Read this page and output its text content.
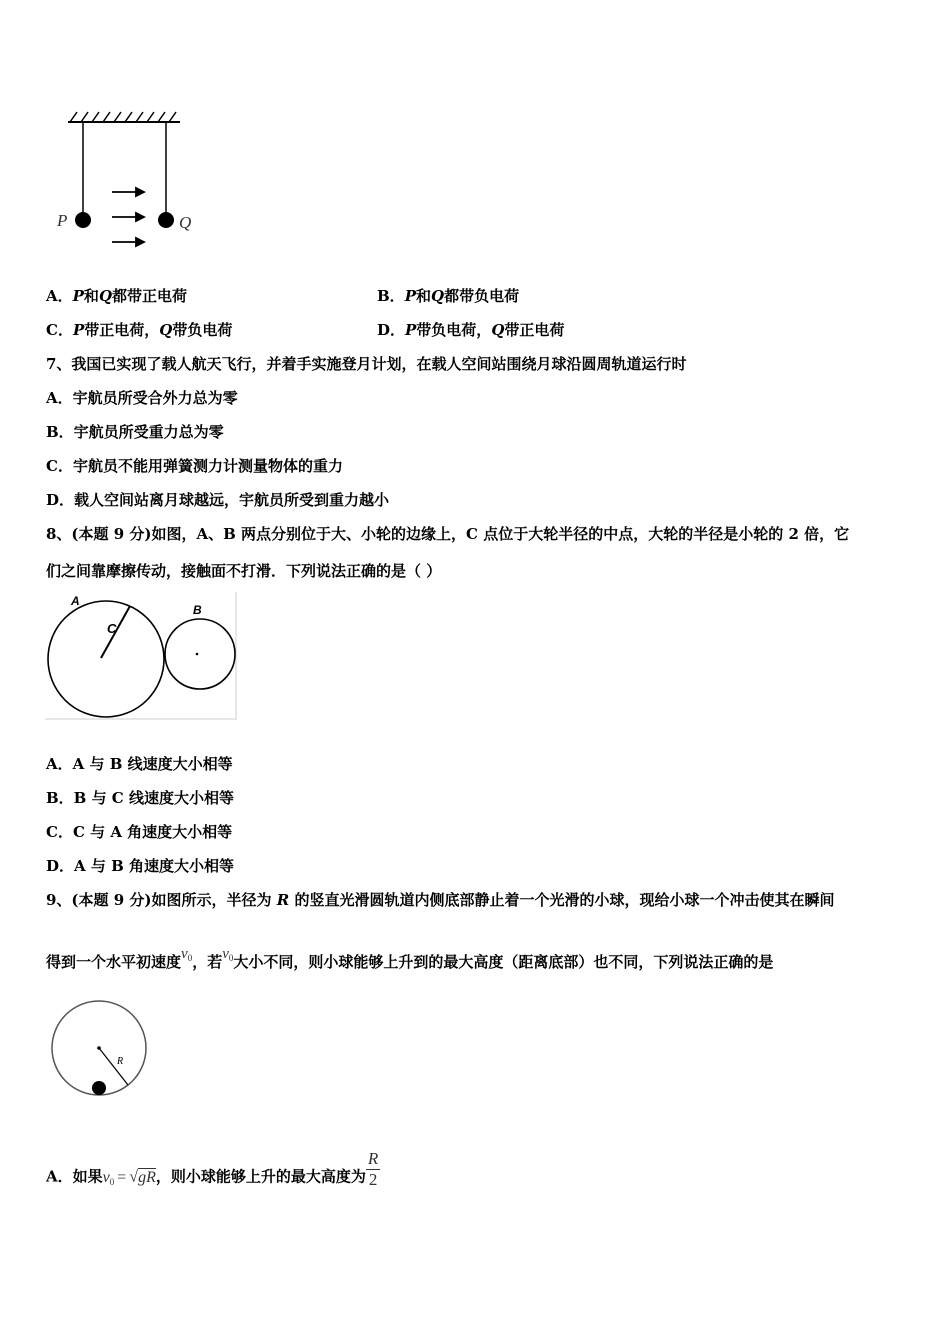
P	Q
A．P和Q都带正电荷	B．P和Q都带负电荷
C．P带正电荷，Q带负电荷	D．P带负电荷，Q带正电荷
7、我国已实现了载人航天飞行，并着手实施登月计划，在载人空间站围绕月球沿圆周轨道运行时
A．宇航员所受合外力总为零
B．宇航员所受重力总为零
C．宇航员不能用弹簧测力计测量物体的重力
D．载人空间站离月球越远，宇航员所受到重力越小
8、(本题 9 分)如图，A、B 两点分别位于大、小轮的边缘上，C 点位于大轮半径的中点，大轮的半径是小轮的 2 倍，它
们之间靠摩擦传动，接触面不打滑．下列说法正确的是（ ）
A
B
C
A．A 与 B 线速度大小相等
B．B 与 C 线速度大小相等
C．C 与 A 角速度大小相等
D．A 与 B 角速度大小相等
9、(本题 9 分)如图所示，半径为 R 的竖直光滑圆轨道内侧底部静止着一个光滑的小球，现给小球一个冲击使其在瞬间
得到一个水平初速度$v_0$，若$v_0$大小不同，则小球能够上升到的最大高度（距离底部）也不同，下列说法正确的是
R
A．如果v0 = √gR，则小球能够上升的最大高度为 $\frac{R}{2}$
